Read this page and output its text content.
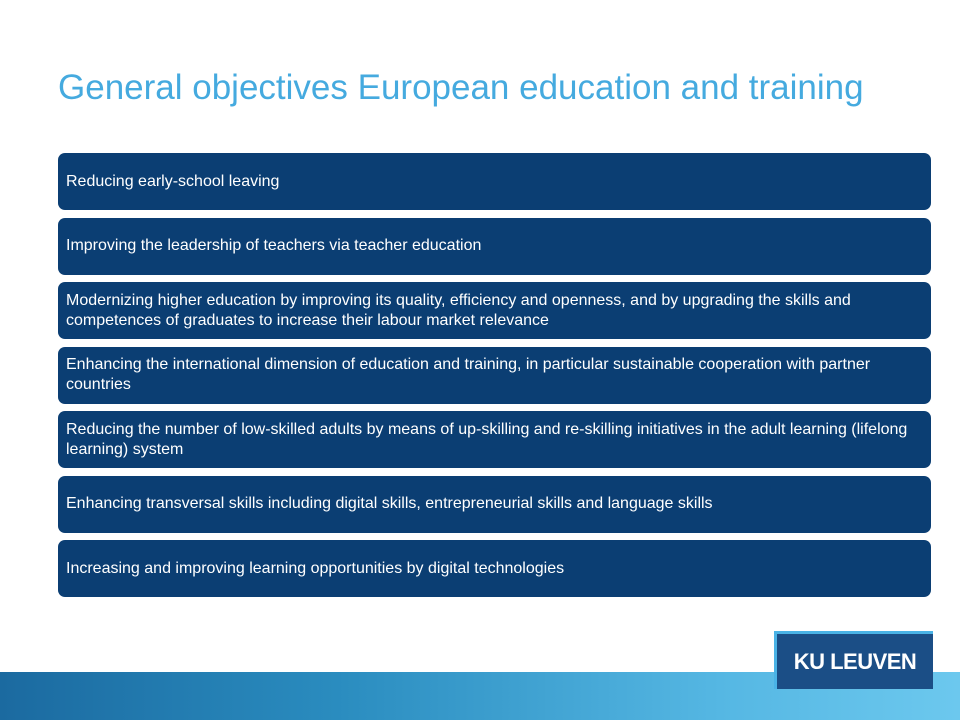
General objectives European education and training
Reducing early-school leaving
Improving the leadership of teachers via teacher education
Modernizing higher education by improving its quality, efficiency and openness, and by upgrading the skills and competences of graduates to increase their labour market relevance
Enhancing the international dimension of education and training, in particular sustainable cooperation with partner countries
Reducing the number of low-skilled adults by means of up-skilling and re-skilling initiatives in the adult learning (lifelong learning) system
Enhancing transversal skills including digital skills, entrepreneurial skills and language skills
Increasing and improving learning opportunities by digital technologies
KU LEUVEN
